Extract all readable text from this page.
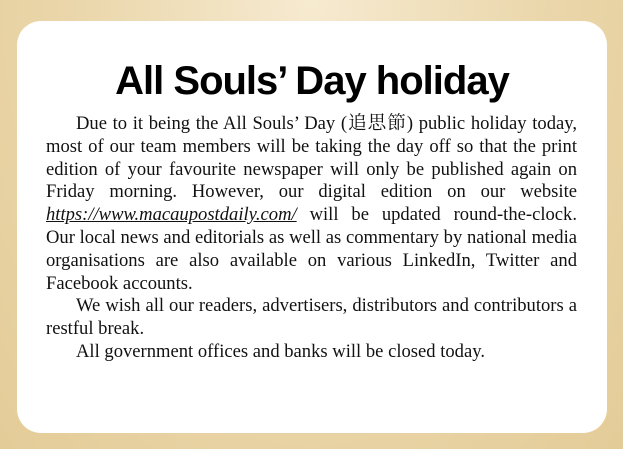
All Souls’ Day holiday

Due to it being the All Souls’ Day (追思節) public holiday today, most of our team members will be taking the day off so that the print edition of your favourite newspaper will only be published again on Friday morning. However, our digital edition on our website https://www.macaupostdaily.com/ will be updated round-the-clock. Our local news and editorials as well as commentary by national media organisations are also available on various LinkedIn, Twitter and Facebook accounts.

We wish all our readers, advertisers, distributors and contributors a restful break.

All government offices and banks will be closed today.
